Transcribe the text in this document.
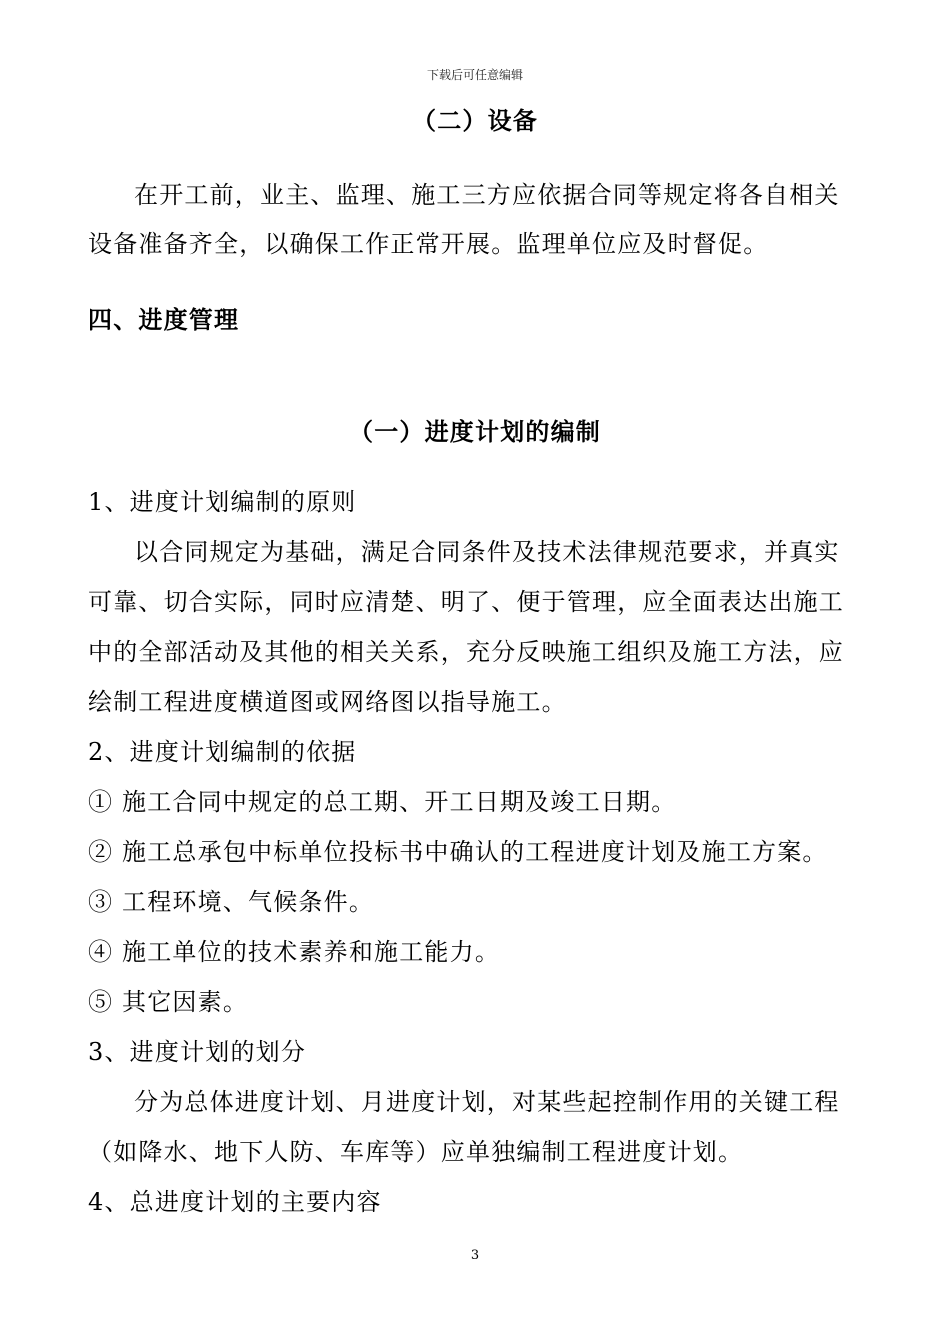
下载后可任意编辑
（二）设备
在开工前，业主、监理、施工三方应依据合同等规定将各自相关
设备准备齐全，以确保工作正常开展。监理单位应及时督促。
四、进度管理
（一）进度计划的编制
1、进度计划编制的原则
以合同规定为基础，满足合同条件及技术法律规范要求，并真实
可靠、切合实际，同时应清楚、明了、便于管理，应全面表达出施工
中的全部活动及其他的相关关系，充分反映施工组织及施工方法，应
绘制工程进度横道图或网络图以指导施工。
2、进度计划编制的依据
① 施工合同中规定的总工期、开工日期及竣工日期。
② 施工总承包中标单位投标书中确认的工程进度计划及施工方案。
③ 工程环境、气候条件。
④ 施工单位的技术素养和施工能力。
⑤ 其它因素。
3、进度计划的划分
分为总体进度计划、月进度计划，对某些起控制作用的关键工程
（如降水、地下人防、车库等）应单独编制工程进度计划。
4、总进度计划的主要内容
3
